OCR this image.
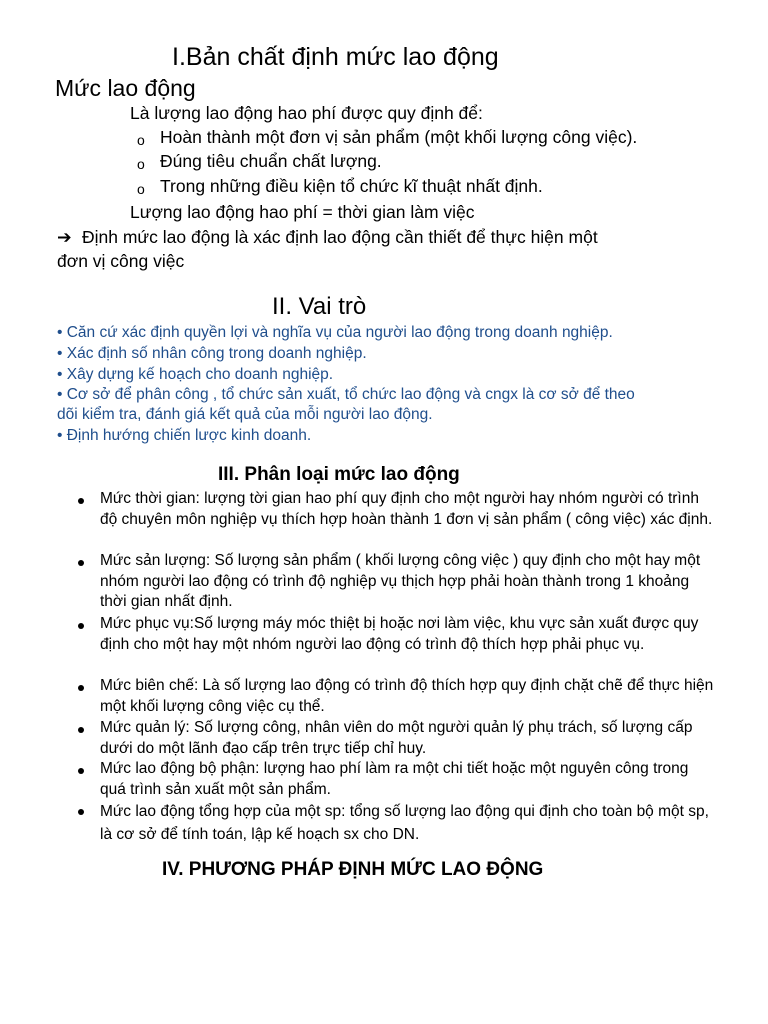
I.Bản chất định mức lao động
Mức lao động
Là lượng lao động hao phí được quy định để:
o Hoàn thành một đơn vị sản phẩm (một khối lượng công việc).
o Đúng tiêu chuẩn chất lượng.
o Trong những điều kiện tổ chức kĩ thuật nhất định.
Lượng lao động hao phí = thời gian làm việc
➔ Định mức lao động là xác định lao động cần thiết để thực hiện một
đơn vị công việc
II. Vai trò
• Căn cứ xác định quyền lợi và nghĩa vụ của người lao động trong doanh nghiệp.
• Xác định số nhân công trong doanh nghiệp.
• Xây dựng kế hoạch cho doanh nghiệp.
• Cơ sở để phân công , tổ chức sản xuất, tổ chức lao động và cngx là cơ sở để theo
dõi kiểm tra, đánh giá kết quả của mỗi người lao động.
• Định hướng chiến lược kinh doanh.
III. Phân loại mức lao động
Mức thời gian: lượng tời gian hao phí quy định cho một người hay nhóm người có trình độ chuyên môn nghiệp vụ thích hợp hoàn thành 1 đơn vị sản phẩm ( công việc) xác định.
Mức sản lượng: Số lượng sản phẩm ( khối lượng công việc ) quy định cho một hay một nhóm người lao động có trình độ nghiệp vụ thịch hợp phải hoàn thành trong 1 khoảng thời gian nhất định.
Mức phục vụ:Số lượng máy móc thiệt bị hoặc nơi làm việc, khu vực sản xuất được quy định cho một hay một nhóm người lao động có trình độ thích hợp phải phục vụ.
Mức biên chế: Là số lượng lao động có trình độ thích hợp quy định chặt chẽ để thực hiện một khối lượng công việc cụ thể.
Mức quản lý: Số lượng công, nhân viên do một người quản lý phụ trách, số lượng cấp dưới do một lãnh đạo cấp trên trực tiếp chỉ huy.
Mức lao động bộ phận: lượng hao phí làm ra một chi tiết hoặc một nguyên công trong quá trình sản xuất một sản phẩm.
Mức lao động tổng hợp của một sp: tổng số lượng lao động qui định cho toàn bộ một sp, là cơ sở để tính toán, lập kế hoạch sx cho DN.
IV. PHƯƠNG PHÁP ĐỊNH MỨC LAO ĐỘNG
